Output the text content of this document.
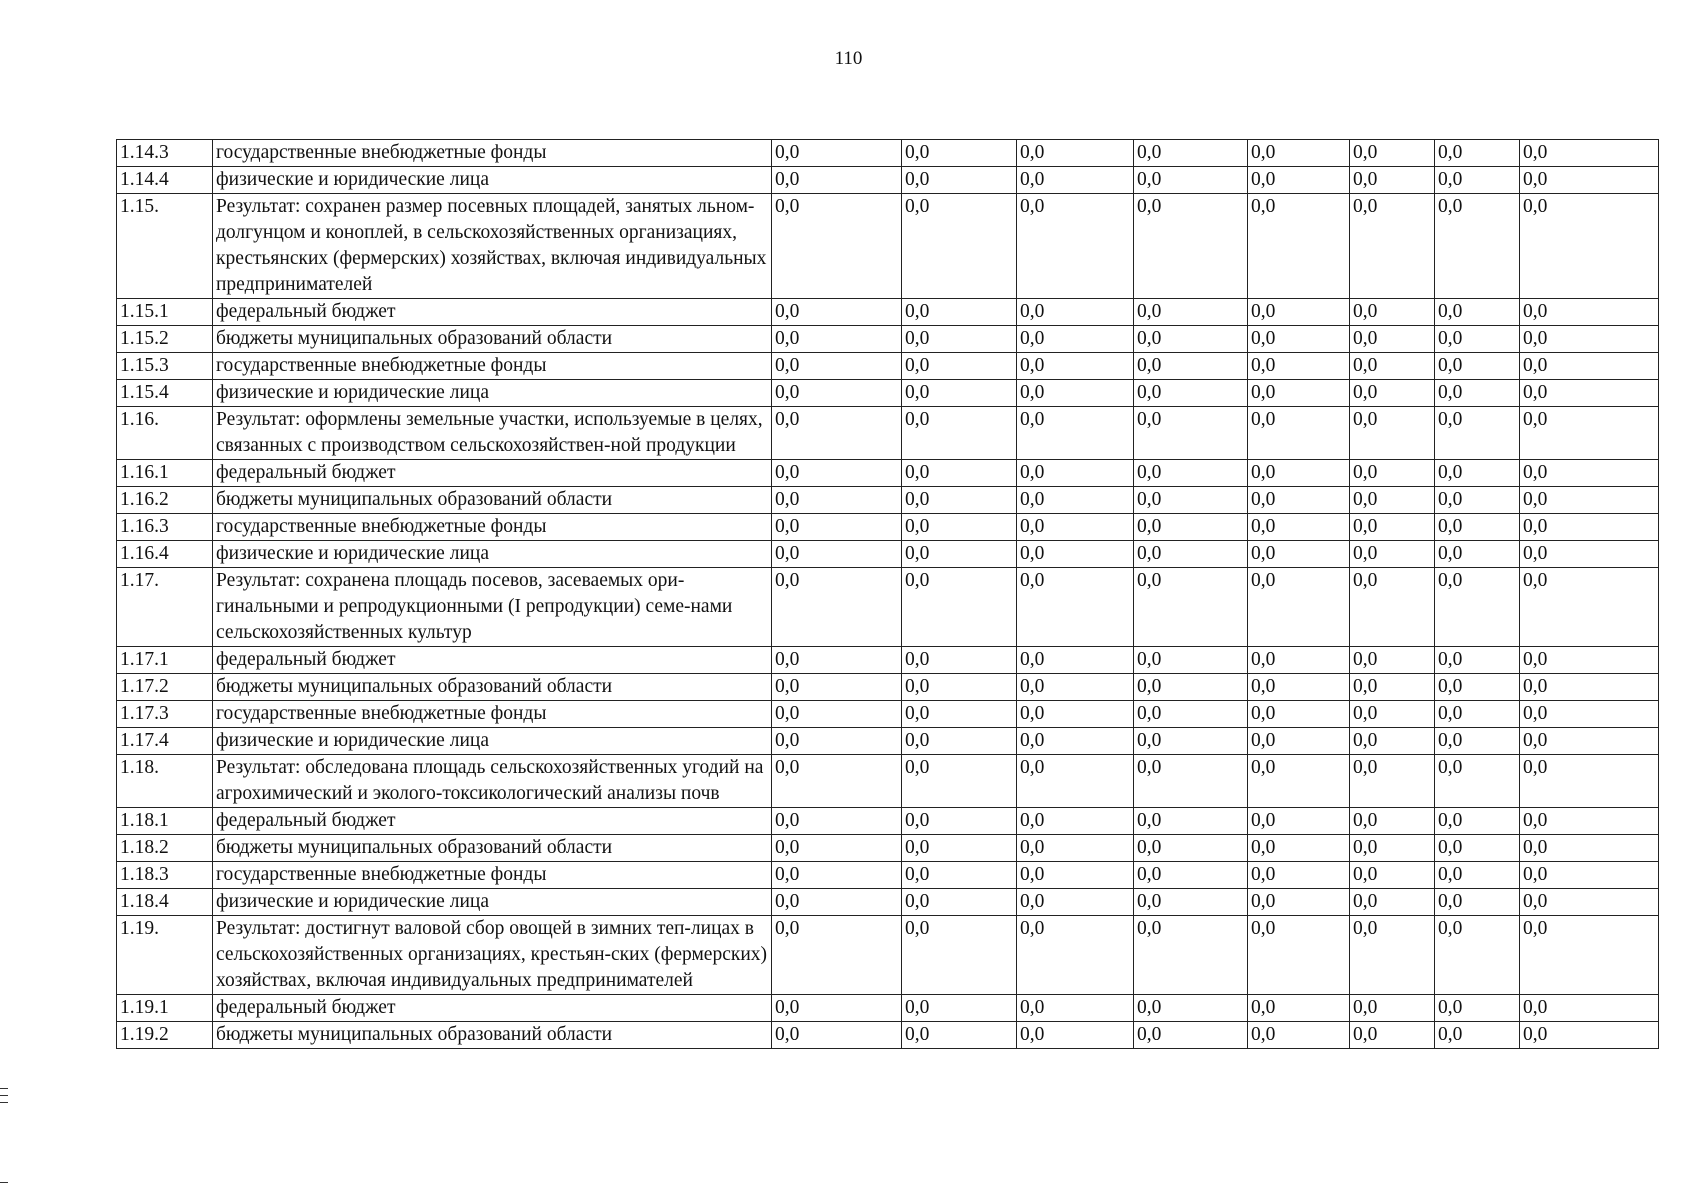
110
1.14.3	государственные внебюджетные фонды	0,0	0,0	0,0	0,0	0,0	0,0	0,0	0,0
1.14.4	физические и юридические лица	0,0	0,0	0,0	0,0	0,0	0,0	0,0	0,0
1.15.	Результат: сохранен размер посевных площадей, занятых льном-долгунцом и коноплей, в сельскохозяйственных организациях, крестьянских (фермерских) хозяйствах, включая индивидуальных предпринимателей	0,0	0,0	0,0	0,0	0,0	0,0	0,0	0,0
1.15.1	федеральный бюджет	0,0	0,0	0,0	0,0	0,0	0,0	0,0	0,0
1.15.2	бюджеты муниципальных образований области	0,0	0,0	0,0	0,0	0,0	0,0	0,0	0,0
1.15.3	государственные внебюджетные фонды	0,0	0,0	0,0	0,0	0,0	0,0	0,0	0,0
1.15.4	физические и юридические лица	0,0	0,0	0,0	0,0	0,0	0,0	0,0	0,0
1.16.	Результат: оформлены земельные участки, используемые в целях, связанных с производством сельскохозяйствен-ной продукции	0,0	0,0	0,0	0,0	0,0	0,0	0,0	0,0
1.16.1	федеральный бюджет	0,0	0,0	0,0	0,0	0,0	0,0	0,0	0,0
1.16.2	бюджеты муниципальных образований области	0,0	0,0	0,0	0,0	0,0	0,0	0,0	0,0
1.16.3	государственные внебюджетные фонды	0,0	0,0	0,0	0,0	0,0	0,0	0,0	0,0
1.16.4	физические и юридические лица	0,0	0,0	0,0	0,0	0,0	0,0	0,0	0,0
1.17.	Результат: сохранена площадь посевов, засеваемых ори-гинальными и репродукционными (I репродукции) семе-нами сельскохозяйственных культур	0,0	0,0	0,0	0,0	0,0	0,0	0,0	0,0
1.17.1	федеральный бюджет	0,0	0,0	0,0	0,0	0,0	0,0	0,0	0,0
1.17.2	бюджеты муниципальных образований области	0,0	0,0	0,0	0,0	0,0	0,0	0,0	0,0
1.17.3	государственные внебюджетные фонды	0,0	0,0	0,0	0,0	0,0	0,0	0,0	0,0
1.17.4	физические и юридические лица	0,0	0,0	0,0	0,0	0,0	0,0	0,0	0,0
1.18.	Результат: обследована площадь сельскохозяйственных угодий на агрохимический и эколого-токсикологический анализы почв	0,0	0,0	0,0	0,0	0,0	0,0	0,0	0,0
1.18.1	федеральный бюджет	0,0	0,0	0,0	0,0	0,0	0,0	0,0	0,0
1.18.2	бюджеты муниципальных образований области	0,0	0,0	0,0	0,0	0,0	0,0	0,0	0,0
1.18.3	государственные внебюджетные фонды	0,0	0,0	0,0	0,0	0,0	0,0	0,0	0,0
1.18.4	физические и юридические лица	0,0	0,0	0,0	0,0	0,0	0,0	0,0	0,0
1.19.	Результат: достигнут валовой сбор овощей в зимних теп-лицах в сельскохозяйственных организациях, крестьян-ских (фермерских) хозяйствах, включая индивидуальных предпринимателей	0,0	0,0	0,0	0,0	0,0	0,0	0,0	0,0
1.19.1	федеральный бюджет	0,0	0,0	0,0	0,0	0,0	0,0	0,0	0,0
1.19.2	бюджеты муниципальных образований области	0,0	0,0	0,0	0,0	0,0	0,0	0,0	0,0
